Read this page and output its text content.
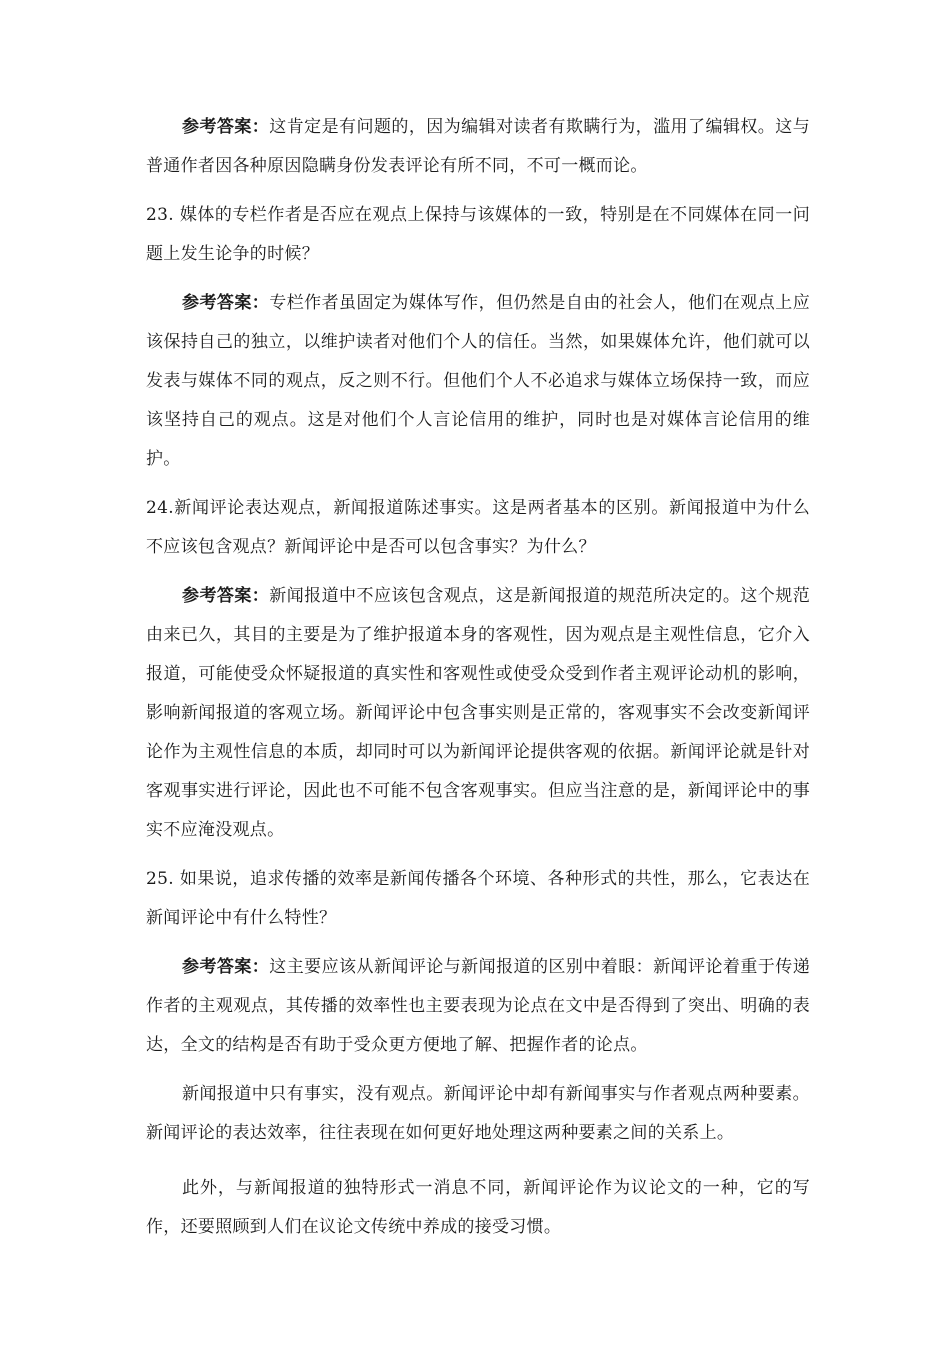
参考答案：这肯定是有问题的，因为编辑对读者有欺瞒行为，滥用了编辑权。这与普通作者因各种原因隐瞒身份发表评论有所不同，不可一概而论。

23. 媒体的专栏作者是否应在观点上保持与该媒体的一致，特别是在不同媒体在同一问题上发生论争的时候？

参考答案：专栏作者虽固定为媒体写作，但仍然是自由的社会人，他们在观点上应该保持自己的独立，以维护读者对他们个人的信任。当然，如果媒体允许，他们就可以发表与媒体不同的观点，反之则不行。但他们个人不必追求与媒体立场保持一致，而应该坚持自己的观点。这是对他们个人言论信用的维护，同时也是对媒体言论信用的维护。

24.新闻评论表达观点，新闻报道陈述事实。这是两者基本的区别。新闻报道中为什么不应该包含观点？新闻评论中是否可以包含事实？为什么？

参考答案：新闻报道中不应该包含观点，这是新闻报道的规范所决定的。这个规范由来已久，其目的主要是为了维护报道本身的客观性，因为观点是主观性信息，它介入报道，可能使受众怀疑报道的真实性和客观性或使受众受到作者主观评论动机的影响，影响新闻报道的客观立场。新闻评论中包含事实则是正常的，客观事实不会改变新闻评论作为主观性信息的本质，却同时可以为新闻评论提供客观的依据。新闻评论就是针对客观事实进行评论，因此也不可能不包含客观事实。但应当注意的是，新闻评论中的事实不应淹没观点。

25. 如果说，追求传播的效率是新闻传播各个环境、各种形式的共性，那么，它表达在新闻评论中有什么特性？

参考答案：这主要应该从新闻评论与新闻报道的区别中着眼：新闻评论着重于传递作者的主观观点，其传播的效率性也主要表现为论点在文中是否得到了突出、明确的表达，全文的结构是否有助于受众更方便地了解、把握作者的论点。

新闻报道中只有事实，没有观点。新闻评论中却有新闻事实与作者观点两种要素。新闻评论的表达效率，往往表现在如何更好地处理这两种要素之间的关系上。

此外，与新闻报道的独特形式一消息不同，新闻评论作为议论文的一种，它的写作，还要照顾到人们在议论文传统中养成的接受习惯。
